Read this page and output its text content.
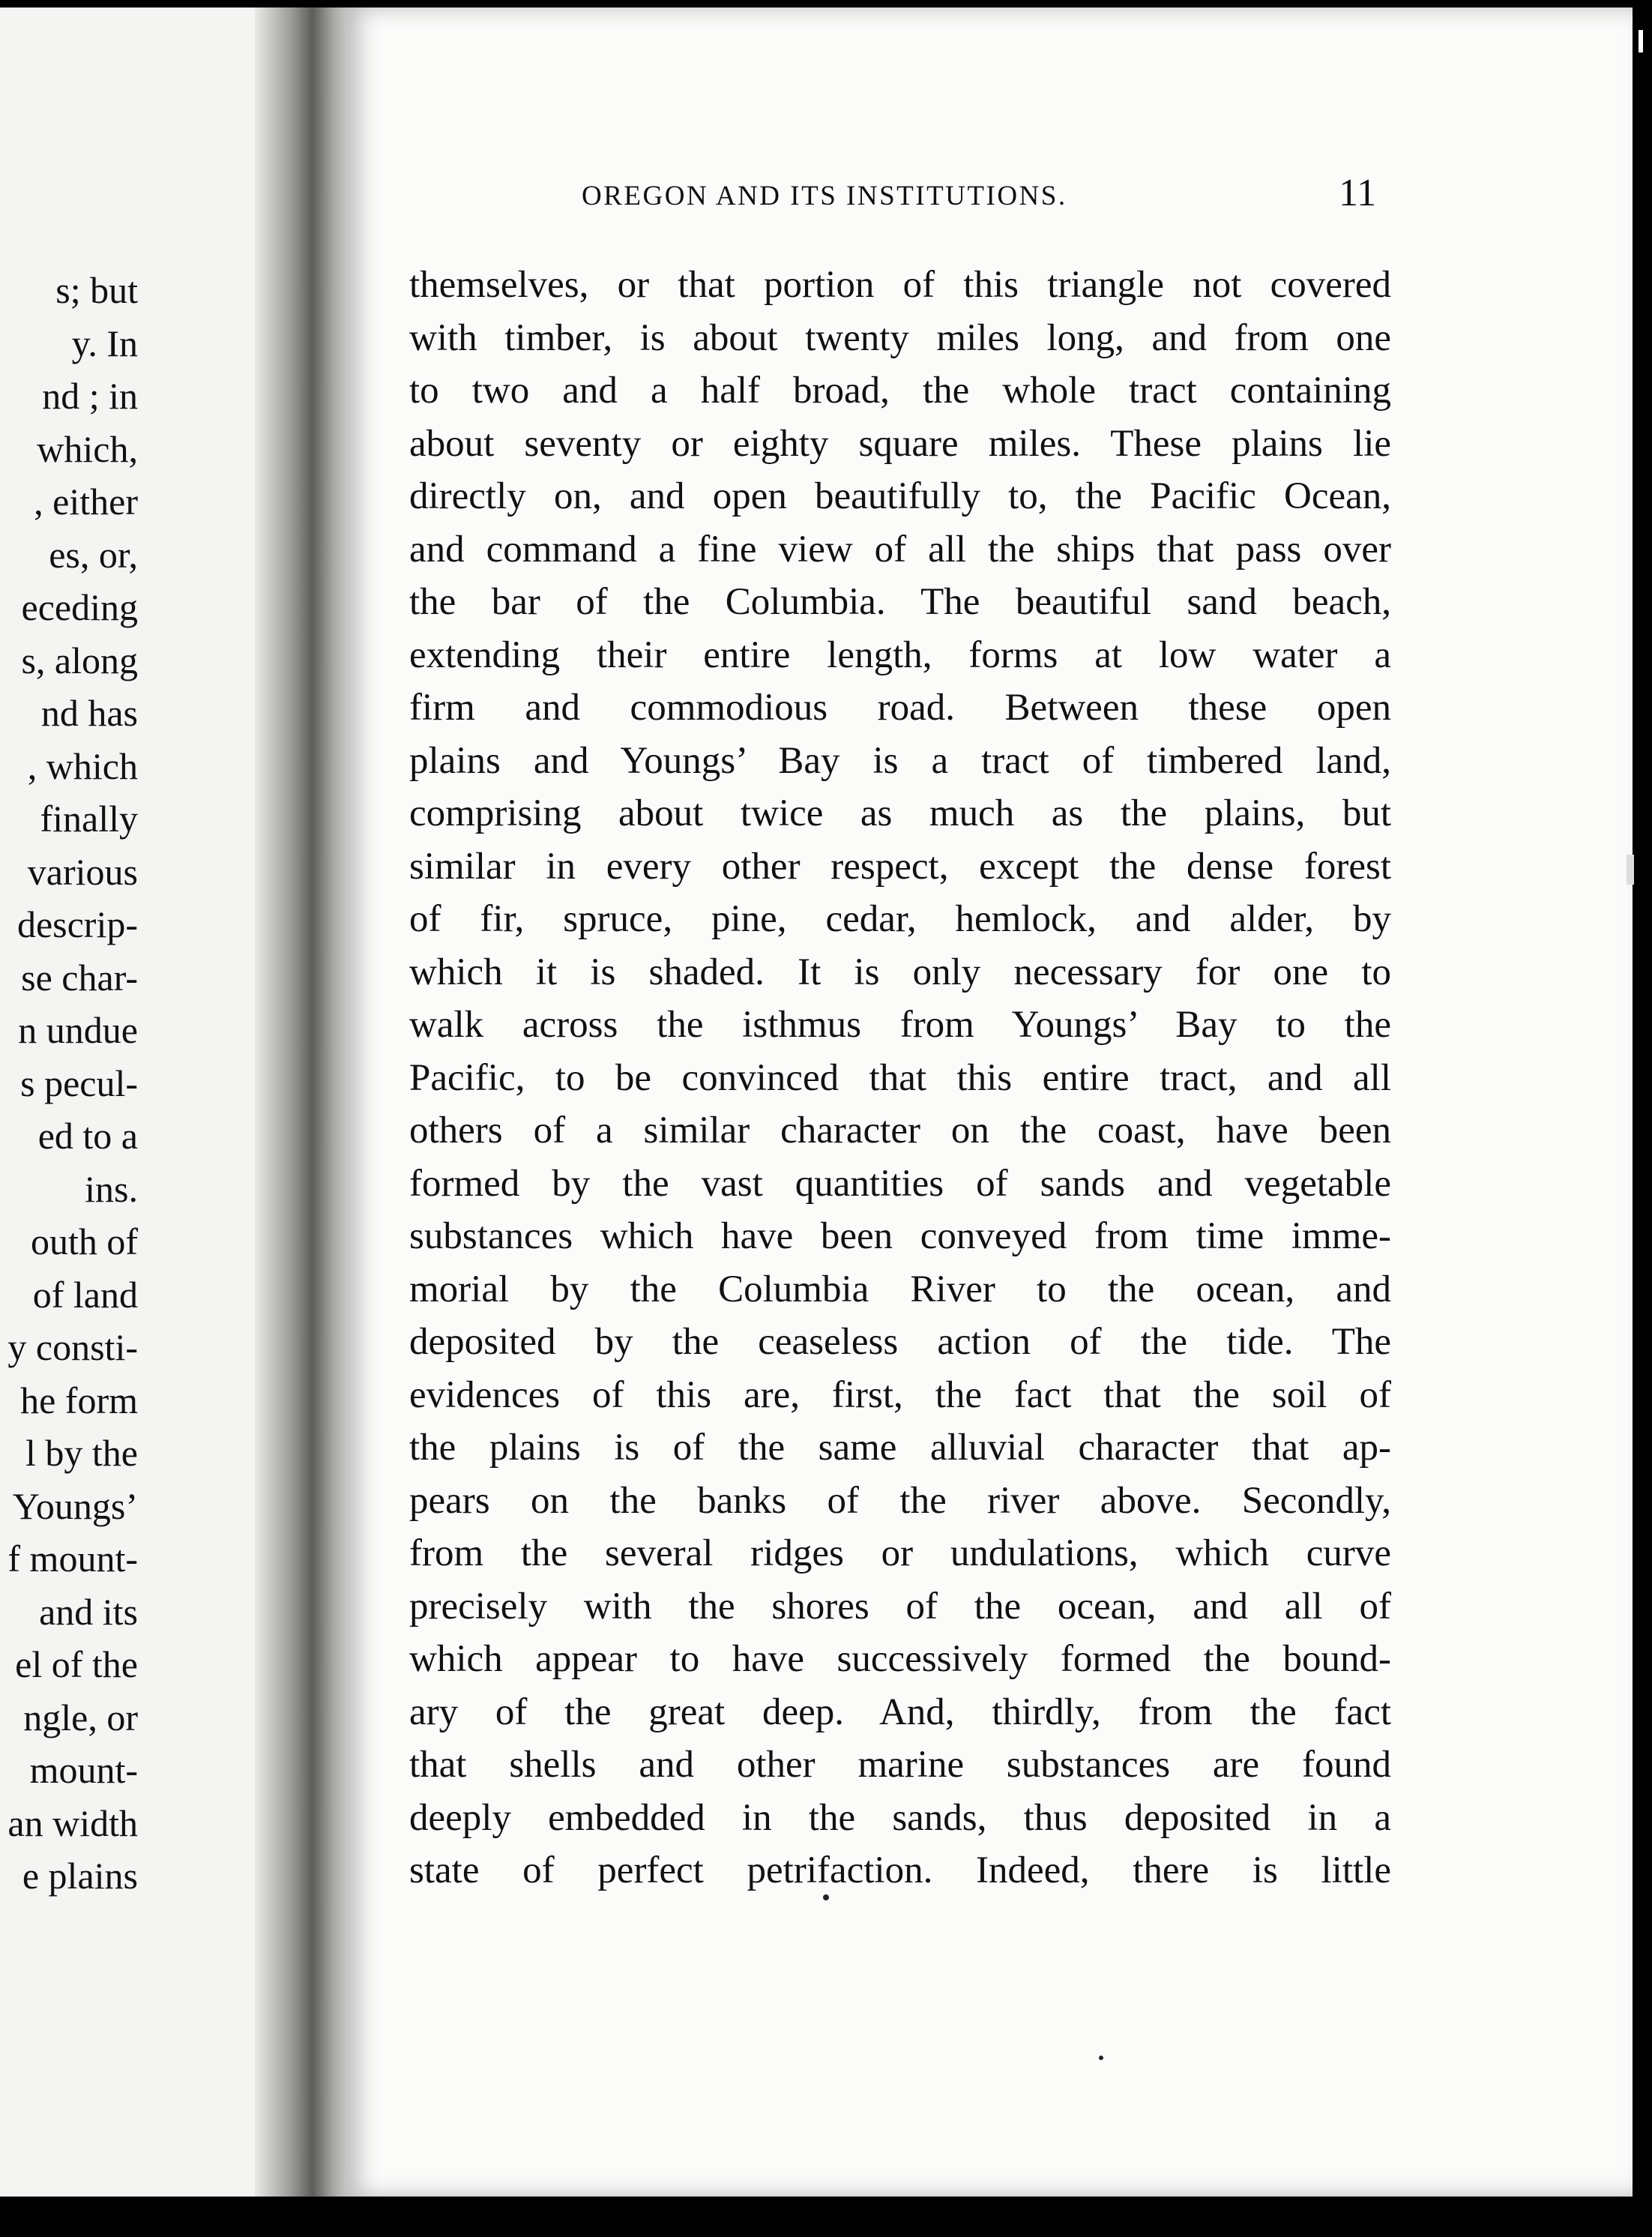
s; but
y. In
nd ; in
which,
, either
es, or,
eceding
s, along
nd has
, which
finally
various
descrip-
se char-
n undue
s pecul-
ed to a
ins.
outh of
of land
y consti-
he form
l by the
Youngs’
f mount-
and its
el of the
ngle, or
mount-
an width
e plains
OREGON AND ITS INSTITUTIONS.	11
themselves, or that portion of this triangle not covered
with timber, is about twenty miles long, and from one
to two and a half broad, the whole tract containing
about seventy or eighty square miles. These plains lie
directly on, and open beautifully to, the Pacific Ocean,
and command a fine view of all the ships that pass over
the bar of the Columbia. The beautiful sand beach,
extending their entire length, forms at low water a
firm and commodious road. Between these open
plains and Youngs’ Bay is a tract of timbered land,
comprising about twice as much as the plains, but
similar in every other respect, except the dense forest
of fir, spruce, pine, cedar, hemlock, and alder, by
which it is shaded. It is only necessary for one to
walk across the isthmus from Youngs’ Bay to the
Pacific, to be convinced that this entire tract, and all
others of a similar character on the coast, have been
formed by the vast quantities of sands and vegetable
substances which have been conveyed from time imme-
morial by the Columbia River to the ocean, and
deposited by the ceaseless action of the tide. The
evidences of this are, first, the fact that the soil of
the plains is of the same alluvial character that ap-
pears on the banks of the river above. Secondly,
from the several ridges or undulations, which curve
precisely with the shores of the ocean, and all of
which appear to have successively formed the bound-
ary of the great deep. And, thirdly, from the fact
that shells and other marine substances are found
deeply embedded in the sands, thus deposited in a
state of perfect petrifaction. Indeed, there is little
